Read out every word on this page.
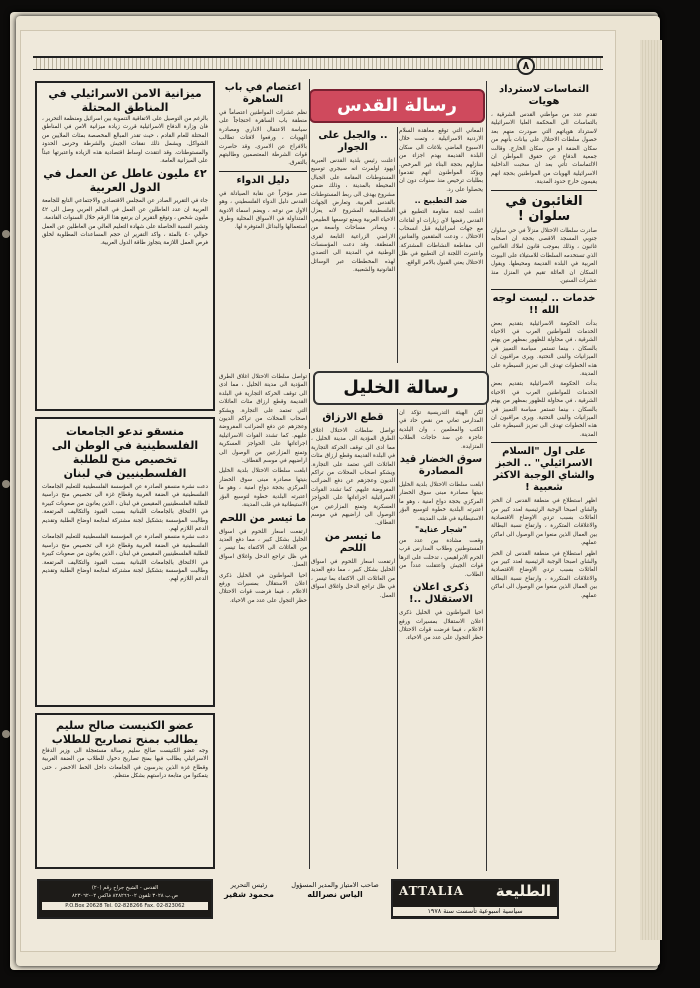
٨
التماسات لاسترداد هويات

تقدم عدد من مواطني القدس الشرقية ، بالتماسات الى المحكمة العليا الاسرائيلية لاسترداد هوياتهم التي صودرت منهم بعد حصول سلطات الاحتلال على بيانات بأنهم من سكان الضفة او من سكان الخارج. وقالت جمعية الدفاع عن حقوق المواطن ان الالتماسات تأتي بعد ان سحبت الداخلية الاسرائيلية الهويات من المواطنين بحجة انهم يقيمون خارج حدود المدينة.

الغائبون في سلوان !

صادرت سلطات الاحتلال منزلاً في حي سلوان جنوبي المسجد الاقصى بحجة ان اصحابه غائبون ، وذلك بموجب قانون املاك الغائبين الذي تستخدمه السلطات للاستيلاء على البيوت العربية في البلدة القديمة ومحيطها. ويقول السكان ان العائلة تقيم في المنزل منذ عشرات السنين.

خدمات .. ليست لوجه الله !!

بدأت الحكومة الاسرائيلية بتقديم بعض الخدمات للمواطنين العرب في الاحياء الشرقية ، في محاولة للظهور بمظهر من يهتم بالسكان ، بينما تستمر سياسة التمييز في الميزانيات والبنى التحتية. ويرى مراقبون ان هذه الخطوات تهدف الى تعزيز السيطرة على المدينة.

بدأت الحكومة الاسرائيلية بتقديم بعض الخدمات للمواطنين العرب في الاحياء الشرقية ، في محاولة للظهور بمظهر من يهتم بالسكان ، بينما تستمر سياسة التمييز في الميزانيات والبنى التحتية. ويرى مراقبون ان هذه الخطوات تهدف الى تعزيز السيطرة على المدينة.

على اول "السلام الاسرائيلي" .. الخبز والشاي الوجبة الاكثر شعبية !

اظهر استطلاع في منطقة القدس ان الخبز والشاي اصبحا الوجبة الرئيسية لعدد كبير من العائلات بسبب تردي الاوضاع الاقتصادية والاغلاقات المتكررة ، وارتفاع نسبة البطالة بين العمال الذين منعوا من الوصول الى اماكن عملهم.

اظهر استطلاع في منطقة القدس ان الخبز والشاي اصبحا الوجبة الرئيسية لعدد كبير من العائلات بسبب تردي الاوضاع الاقتصادية والاغلاقات المتكررة ، وارتفاع نسبة البطالة بين العمال الذين منعوا من الوصول الى اماكن عملهم.

رسالة القدس

المعاني التي توقع معاهدة السلام الاردنية الاسرائيلية ، وتمت خلال الاسبوع الماضي بلاغات الى سكان البلدة القديمة بهدم اجزاء من منازلهم بحجة البناء غير المرخص. ويؤكد المواطنون انهم تقدموا بطلبات ترخيص منذ سنوات دون ان يحصلوا على رد.

ضد التطبيع ..

اعلنت لجنة مقاومة التطبيع في القدس رفضها لاي زيارات او لقاءات مع جهات اسرائيلية قبل انسحاب الاحتلال ، ودعت المثقفين والفنانين الى مقاطعة النشاطات المشتركة. واعتبرت اللجنة ان التطبيع في ظل الاحتلال يعني القبول بالامر الواقع.

.. والجبل على الجوار

اعلنت رئيس بلدية القدس العبرية ايهود اولمرت انه سيجري توسيع المستوطنات المقامة على الجبال المحيطة بالمدينة ، وذلك ضمن مشروع يهدف الى ربط المستوطنات بالقدس الغربية. وتعارض الجهات الفلسطينية المشروع لانه يعزل الاحياء العربية ويمنع توسعها الطبيعي ، ويصادر مساحات واسعة من الاراضي الزراعية التابعة لقرى المنطقة. وقد دعت المؤسسات الوطنية في المدينة الى التصدي لهذه المخططات عبر الوسائل القانونية والشعبية.

اعتصام في باب الساهرة

نظم عشرات المواطنين اعتصاماً في منطقة باب الساهرة احتجاجاً على سياسة الاعتقال الاداري ومصادرة الهويات ، ورفعوا لافتات تطالب بالافراج عن الاسرى. وقد حاصرت قوات الشرطة المعتصمين وطالبتهم بالتفرق.

دليل الدواء

صدر مؤخراً عن نقابة الصيادلة في القدس دليل الدواء الفلسطيني ، وهو الاول من نوعه ، ويضم اسماء الادوية المتداولة في الاسواق المحلية وطرق استعمالها والبدائل المتوفرة لها.

رسالة الخليل

لكن الهيئة التدريسية تؤكد ان المدارس تعاني من نقص حاد في الكتب والمعلمين ، وان البلدية عاجزة عن سد حاجات الطلاب المتزايدة.

سوق الخضار قيد المصادرة

ابلغت سلطات الاحتلال بلدية الخليل بنيتها مصادرة مبنى سوق الخضار المركزي بحجة دواع امنية ، وهو ما اعتبرته البلدية خطوة لتوسيع البؤر الاستيطانية في قلب المدينة.

"شجار عناية"

وقعت مشادة بين عدد من المستوطنين وطلاب المدارس قرب الحرم الابراهيمي ، تدخلت على اثرها قوات الجيش واعتقلت عدداً من الطلاب.

ذكرى اعلان الاستقلال ..!

احيا المواطنون في الخليل ذكرى اعلان الاستقلال بمسيرات ورفع الاعلام ، فيما فرضت قوات الاحتلال حظر التجول على عدد من الاحياء.

قطع الارزاق

تواصل سلطات الاحتلال اغلاق الطرق المؤدية الى مدينة الخليل ، مما ادى الى توقف الحركة التجارية في البلدة القديمة وقطع ارزاق مئات العائلات التي تعتمد على التجارة. ويشكو اصحاب المحلات من تراكم الديون وعجزهم عن دفع الضرائب المفروضة عليهم. كما تشدد القوات الاسرائيلية اجراءاتها على الحواجز العسكرية وتمنع المزارعين من الوصول الى اراضيهم في موسم القطاف.

ما تيسر من اللحم

ارتفعت اسعار اللحوم في اسواق الخليل بشكل كبير ، مما دفع العديد من العائلات الى الاكتفاء بما تيسر ، في ظل تراجع الدخل واغلاق اسواق العمل.

تواصل سلطات الاحتلال اغلاق الطرق المؤدية الى مدينة الخليل ، مما ادى الى توقف الحركة التجارية في البلدة القديمة وقطع ارزاق مئات العائلات التي تعتمد على التجارة. ويشكو اصحاب المحلات من تراكم الديون وعجزهم عن دفع الضرائب المفروضة عليهم. كما تشدد القوات الاسرائيلية اجراءاتها على الحواجز العسكرية وتمنع المزارعين من الوصول الى اراضيهم في موسم القطاف.

ابلغت سلطات الاحتلال بلدية الخليل بنيتها مصادرة مبنى سوق الخضار المركزي بحجة دواع امنية ، وهو ما اعتبرته البلدية خطوة لتوسيع البؤر الاستيطانية في قلب المدينة.

ما تيسر من اللحم

ارتفعت اسعار اللحوم في اسواق الخليل بشكل كبير ، مما دفع العديد من العائلات الى الاكتفاء بما تيسر ، في ظل تراجع الدخل واغلاق اسواق العمل.

احيا المواطنون في الخليل ذكرى اعلان الاستقلال بمسيرات ورفع الاعلام ، فيما فرضت قوات الاحتلال حظر التجول على عدد من الاحياء.

ميزانية الامن الاسرائيلي في المناطق المحتلة

بالرغم من التوصيل على الاتفاقية التنموية بين اسرائيل ومنظمة التحرير ، فان وزارة الدفاع الاسرائيلية قررت زيادة ميزانية الامن في المناطق المحتلة للعام القادم ، حيث تقدر المبالغ المخصصة بمئات الملايين من الشواكل. ويشمل ذلك نفقات الجيش والشرطة وحرس الحدود والمستوطنات. وقد انتقدت اوساط اقتصادية هذه الزيادة واعتبرتها عبئاً على الميزانية العامة.

٤٢ مليون عاطل عن العمل في الدول العربية

جاء في التقرير الصادر عن المجلس الاقتصادي والاجتماعي التابع للجامعة العربية ان عدد العاطلين عن العمل في العالم العربي وصل الى ٤٢ مليون شخص ، وتوقع التقرير ان يرتفع هذا الرقم خلال السنوات القادمة.

وتشير النسبة الحاصلة على شهادة التعليم العالي من العاطلين عن العمل حوالي ٤٠ بالمئة ، واكد التقرير ان حجم المساعدات المطلوبة لخلق فرص العمل اللازمة يتجاوز طاقة الدول العربية.

منسقو تدعو الجامعات الفلسطينية في الوطن الى تخصيص منح للطلبة الفلسطينيين في لبنان

دعت نشرة منسقو الصادرة عن المؤسسة الفلسطينية للتعليم الجامعات الفلسطينية في الضفة الغربية وقطاع غزة الى تخصيص منح دراسية للطلبة الفلسطينيين المقيمين في لبنان ، الذين يعانون من صعوبات كبيرة في الالتحاق بالجامعات اللبنانية بسبب القيود والتكاليف المرتفعة. وطالبت المؤسسة بتشكيل لجنة مشتركة لمتابعة اوضاع الطلبة وتقديم الدعم اللازم لهم.

دعت نشرة منسقو الصادرة عن المؤسسة الفلسطينية للتعليم الجامعات الفلسطينية في الضفة الغربية وقطاع غزة الى تخصيص منح دراسية للطلبة الفلسطينيين المقيمين في لبنان ، الذين يعانون من صعوبات كبيرة في الالتحاق بالجامعات اللبنانية بسبب القيود والتكاليف المرتفعة. وطالبت المؤسسة بتشكيل لجنة مشتركة لمتابعة اوضاع الطلبة وتقديم الدعم اللازم لهم.

عضو الكنيست صالح سليم يطالب بمنح تصاريح للطلاب

وجه عضو الكنيست صالح سليم رسالة مستعجلة الى وزير الدفاع الاسرائيلي يطالب فيها بمنح تصاريح دخول للطلاب من الضفة الغربية وقطاع غزة الذين يدرسون في الجامعات داخل الخط الاخضر ، حتى يتمكنوا من متابعة دراستهم بشكل منتظم.

ATTALIA الطليعة
سياسية اسبوعية تأسست سنة ١٩٧٨
صاحب الامتياز والمدير المسؤول
الياس نصرالله
رئيس التحرير
محمود شقير
القدس - الشيخ جراح رقم (٢٠)
ص.ب ٣٠٢٨ تلفون ٠٢-٨٢٨٢٦٦ فاكس ٠٢-٨٢٣٠٦٢
P.O.Box 20628 Tel. 02-828266 Fax. 02-823062
